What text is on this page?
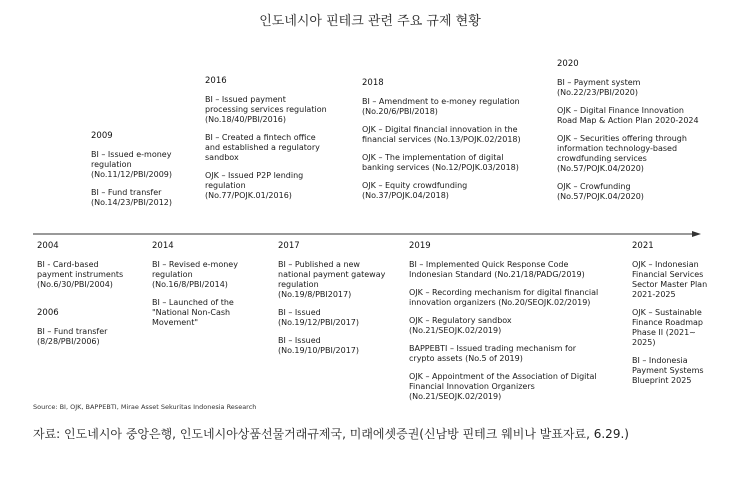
인도네시아 핀테크 관련 주요 규제 현황
2009
BI – Issued e-money
regulation
(No.11/12/PBI/2009)
BI – Fund transfer
(No.14/23/PBI/2012)
2016
BI – Issued payment
processing services regulation
(No.18/40/PBI/2016)
BI – Created a fintech office
and established a regulatory
sandbox
OJK – Issued P2P lending
regulation
(No.77/POJK.01/2016)
2018
BI – Amendment to e-money regulation
(No.20/6/PBI/2018)
OJK – Digital financial innovation in the
financial services (No.13/POJK.02/2018)
OJK – The implementation of digital
banking services (No.12/POJK.03/2018)
OJK – Equity crowdfunding
(No.37/POJK.04/2018)
2020
BI – Payment system
(No.22/23/PBI/2020)
OJK – Digital Finance Innovation
Road Map & Action Plan 2020-2024
OJK – Securities offering through
information technology-based
crowdfunding services
(No.57/POJK.04/2020)
OJK – Crowfunding
(No.57/POJK.04/2020)
2004
BI - Card-based
payment instruments
(No.6/30/PBI/2004)
2006
BI – Fund transfer
(8/28/PBI/2006)
2014
BI – Revised e-money
regulation
(No.16/8/PBI/2014)
BI – Launched of the
"National Non-Cash
Movement"
2017
BI – Published a new
national payment gateway
regulation
(No.19/8/PBI2017)
BI – Issued
(No.19/12/PBI/2017)
BI – Issued
(No.19/10/PBI/2017)
2019
BI – Implemented Quick Response Code
Indonesian Standard (No.21/18/PADG/2019)
OJK – Recording mechanism for digital financial
innovation organizers (No.20/SEOJK.02/2019)
OJK – Regulatory sandbox
(No.21/SEOJK.02/2019)
BAPPEBTI – Issued trading mechanism for
crypto assets (No.5 of 2019)
OJK – Appointment of the Association of Digital
Financial Innovation Organizers
(No.21/SEOJK.02/2019)
2021
OJK – Indonesian
Financial Services
Sector Master Plan
2021-2025
OJK – Sustainable
Finance Roadmap
Phase II (2021~
2025)
BI – Indonesia
Payment Systems
Blueprint 2025
Source: BI, OJK, BAPPEBTI, Mirae Asset Sekuritas Indonesia Research
자료: 인도네시아 중앙은행, 인도네시아상품선물거래규제국, 미래에셋증권(신남방 핀테크 웨비나 발표자료, 6.29.)
